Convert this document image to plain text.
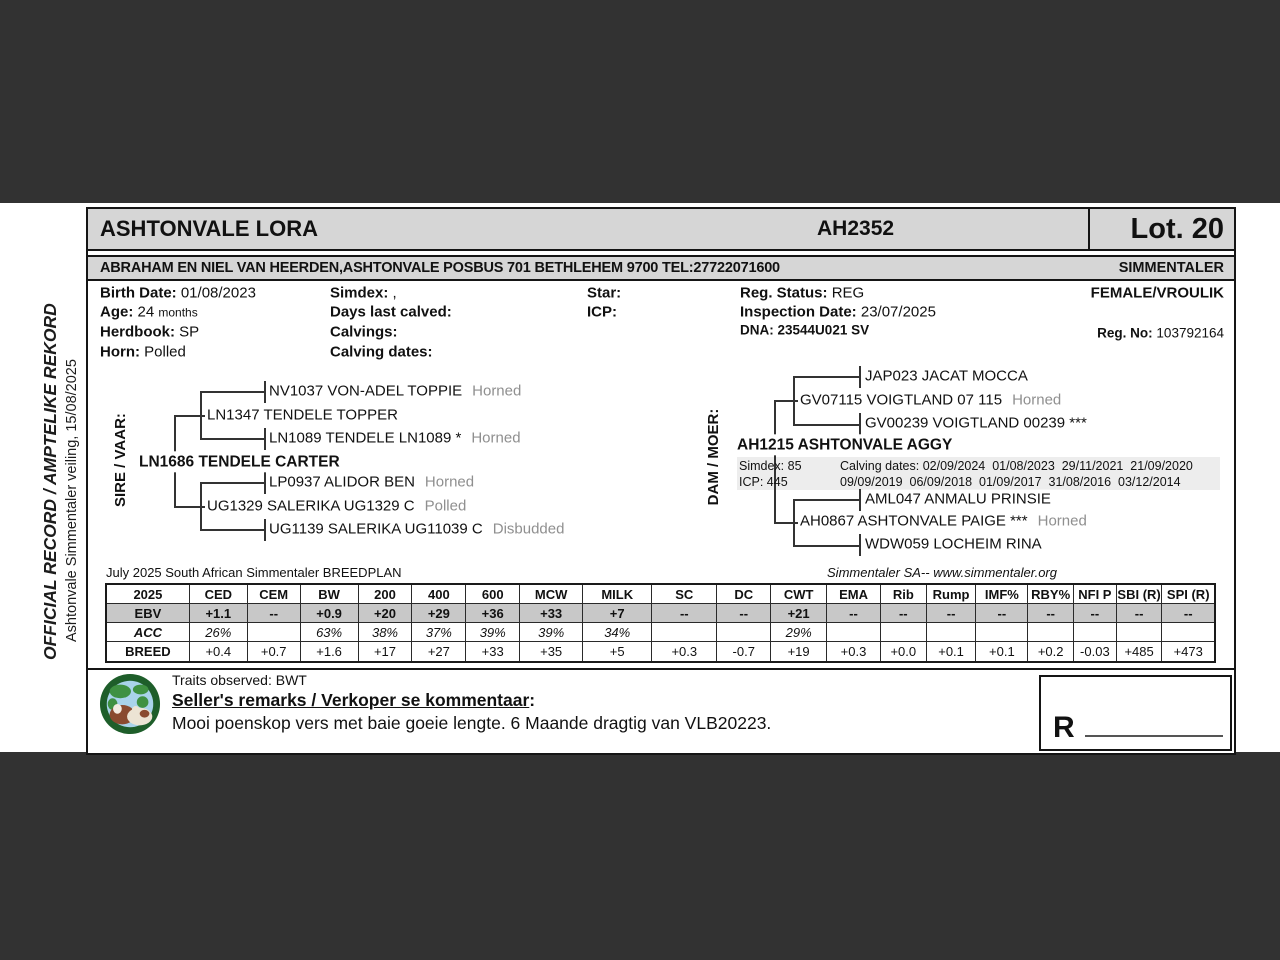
OFFICIAL RECORD / AMPTELIKE REKORD Ashtonvale Simmentaler veiling, 15/08/2025
ASHTONVALE LORA	AH2352	Lot. 20
ABRAHAM EN NIEL VAN HEERDEN,ASHTONVALE POSBUS 701 BETHLEHEM 9700 TEL:27722071600	SIMMENTALER
Birth Date: 01/08/2023
Age: 24 months
Herdbook: SP
Horn: Polled
Simdex: ,
Days last calved:
Calvings:
Calving dates:
Star:
ICP:
Reg. Status: REG
Inspection Date: 23/07/2025
DNA: 23544U021 SV
FEMALE/VROULIK
Reg. No: 103792164
SIRE / VAAR:
NV1037 VON-ADEL TOPPIE Horned
LN1347 TENDELE TOPPER
LN1089 TENDELE LN1089 * Horned
LN1686 TENDELE CARTER
LP0937 ALIDOR BEN Horned
UG1329 SALERIKA UG1329 C Polled
UG1139 SALERIKA UG11039 C Disbudded
DAM / MOER:
JAP023 JACAT MOCCA
GV07115 VOIGTLAND 07 115 Horned
GV00239 VOIGTLAND 00239 ***
AH1215 ASHTONVALE AGGY
Simdex: 85
ICP: 445
Calving dates: 02/09/2024  01/08/2023  29/11/2021  21/09/2020
09/09/2019  06/09/2018  01/09/2017  31/08/2016  03/12/2014
AML047 ANMALU PRINSIE
AH0867 ASHTONVALE PAIGE *** Horned
WDW059 LOCHEIM RINA
July 2025 South African Simmentaler BREEDPLAN	Simmentaler SA-- www.simmentaler.org
2025	CED	CEM	BW	200	400	600	MCW	MILK	SC	DC	CWT	EMA	Rib	Rump	IMF%	RBY%	NFI P	SBI (R)	SPI (R)
EBV	+1.1	--	+0.9	+20	+29	+36	+33	+7	--	--	+21	--	--	--	--	--	--	--	--
ACC	26%		63%	38%	37%	39%	39%	34%			29%								
BREED	+0.4	+0.7	+1.6	+17	+27	+33	+35	+5	+0.3	-0.7	+19	+0.3	+0.0	+0.1	+0.1	+0.2	-0.03	+485	+473
Traits observed: BWT
Seller's remarks / Verkoper se kommentaar:
Mooi poenskop vers met baie goeie lengte. 6 Maande dragtig van VLB20223.	R
